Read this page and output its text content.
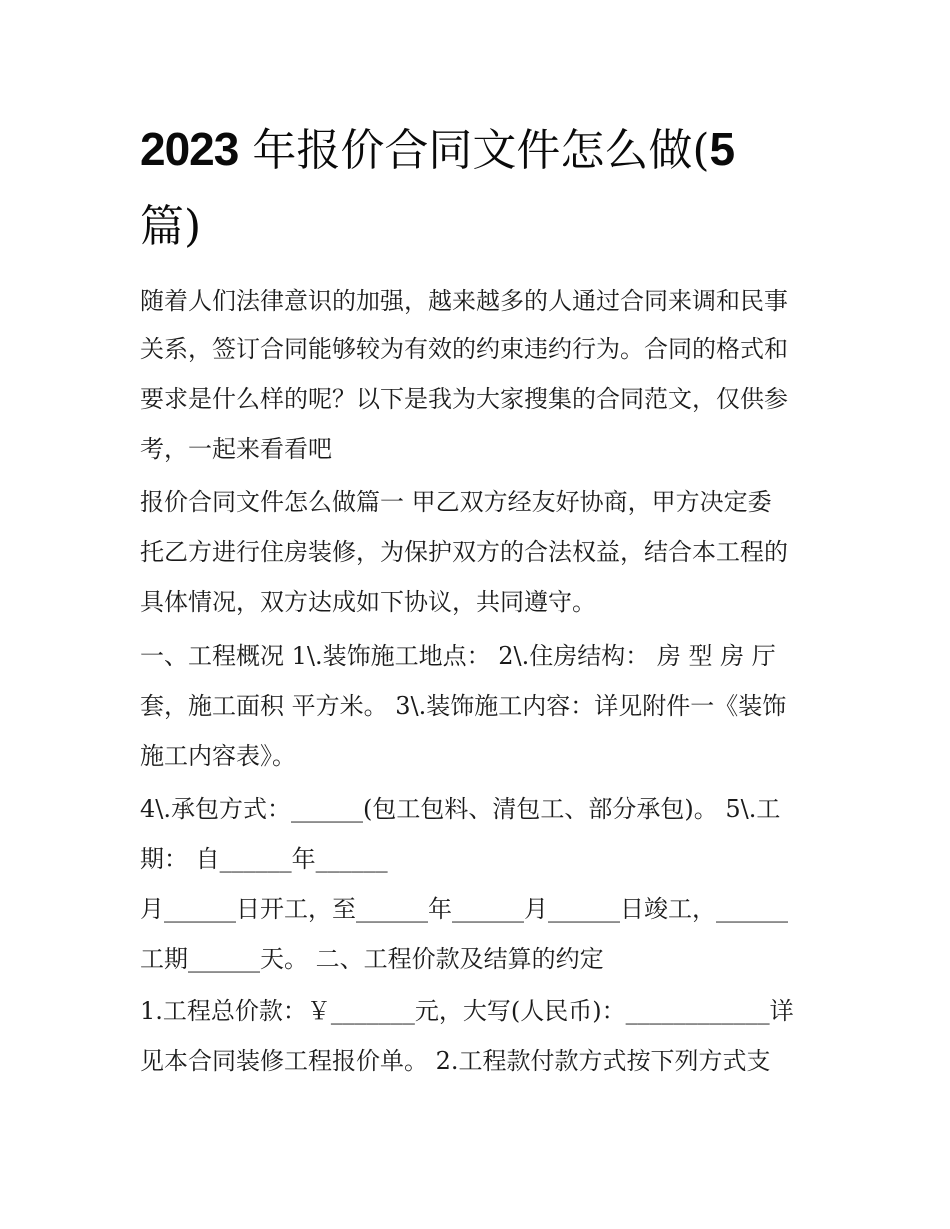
2023 年报价合同文件怎么做(5
篇)
随着人们法律意识的加强，越来越多的人通过合同来调和民事
关系，签订合同能够较为有效的约束违约行为。合同的格式和
要求是什么样的呢？以下是我为大家搜集的合同范文，仅供参
考，一起来看看吧
报价合同文件怎么做篇一 甲乙双方经友好协商，甲方决定委
托乙方进行住房装修，为保护双方的合法权益，结合本工程的
具体情况，双方达成如下协议，共同遵守。
一、工程概况 1\.装饰施工地点： 2\.住房结构： 房 型 房 厅
套，施工面积 平方米。 3\.装饰施工内容：详见附件一《装饰
施工内容表》。
4\.承包方式：______(包工包料、清包工、部分承包)。 5\.工
期： 自______年______
月______日开工，至______年______月______日竣工，______
工期______天。 二、工程价款及结算的约定
1.工程总价款：￥_______元，大写(人民币)：____________详
见本合同装修工程报价单。 2.工程款付款方式按下列方式支
